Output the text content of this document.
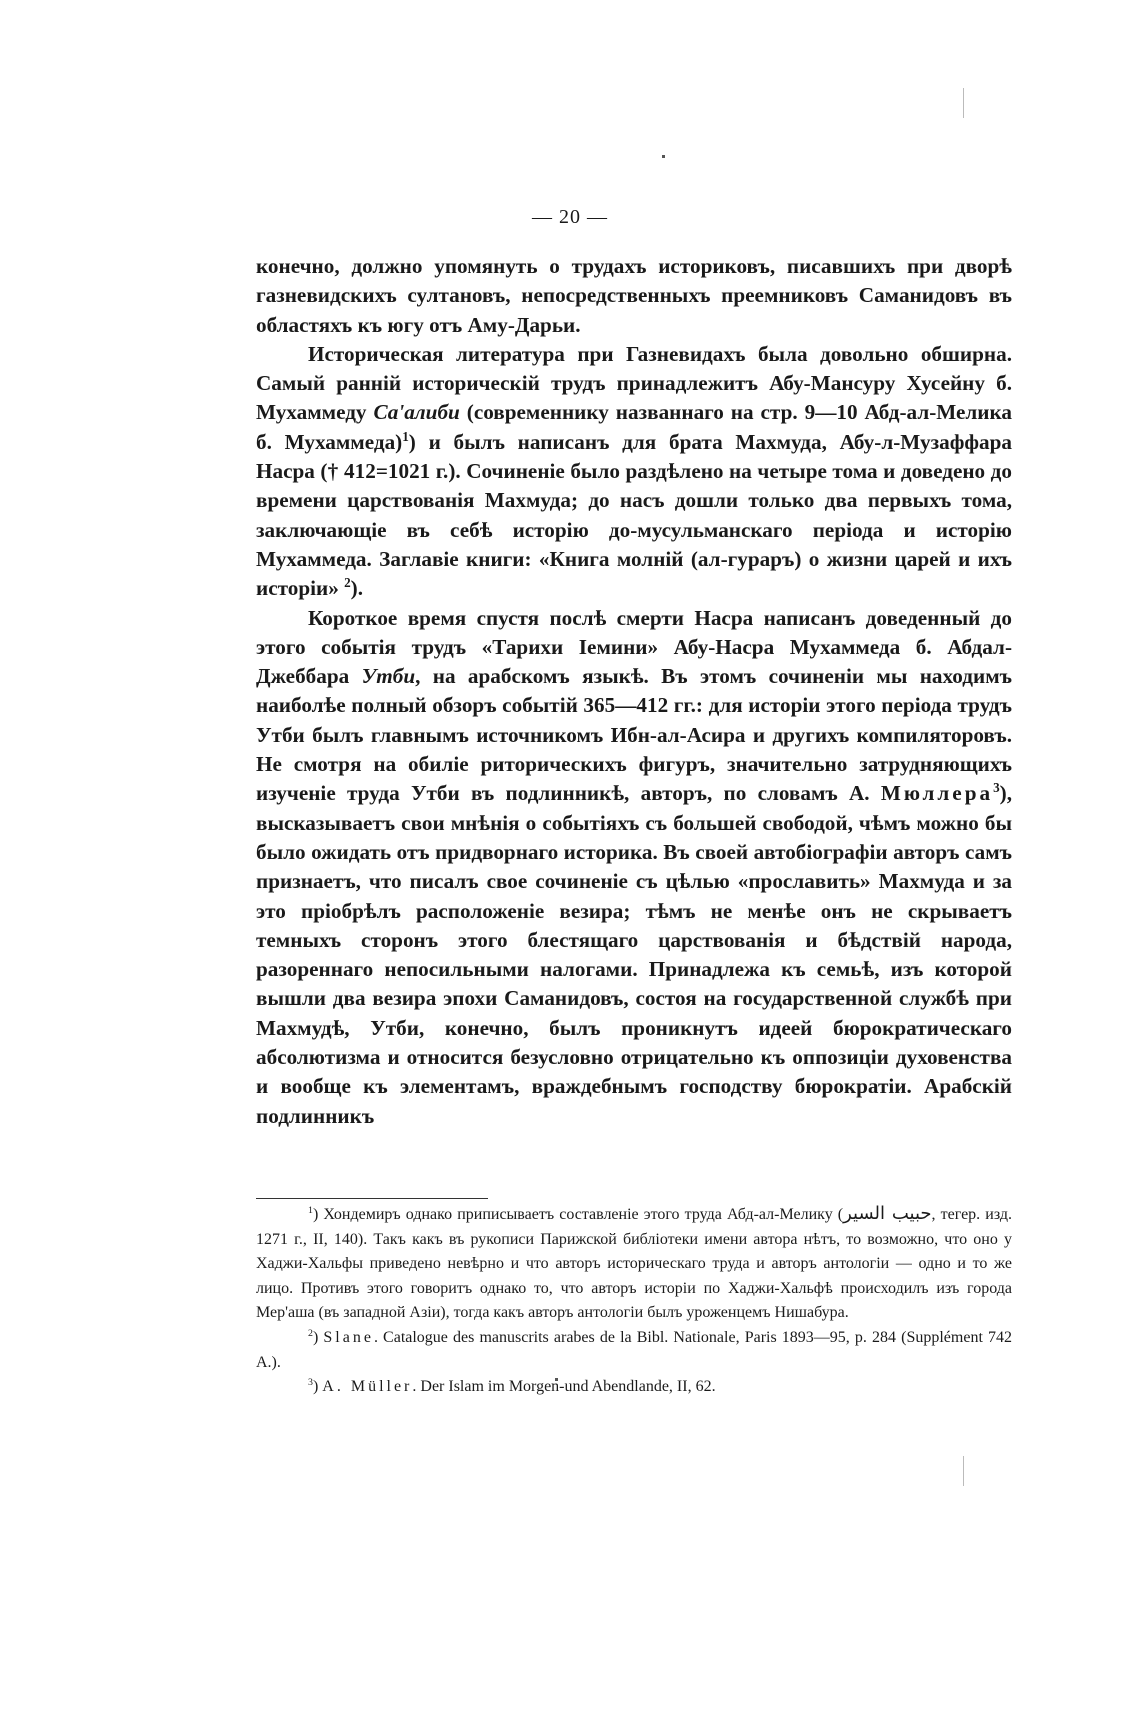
— 20 —

конечно, должно упомянуть о трудахъ историковъ, писавшихъ при дворѣ газневидскихъ султановъ, непосредственныхъ преемниковъ Саманидовъ въ областяхъ къ югу отъ Аму-Дарьи.

Историческая литература при Газневидахъ была довольно обширна. Самый раннiй историческiй трудъ принадлежитъ Абу-Мансуру Хусейну б. Мухаммеду Са'алиби (современнику названнаго на стр. 9—10 Абд-ал-Мелика б. Мухаммеда)$^1$) и былъ написанъ для брата Махмуда, Абу-л-Музаффара Насра († 412=1021 г.). Сочиненiе было раздѣлено на четыре тома и доведено до времени царствованiя Махмуда; до насъ дошли только два первыхъ тома, заключающiе въ себѣ исторiю до-мусульманскаго перiода и исторiю Мухаммеда. Заглавiе книги: «Книга молнiй (ал-гураръ) о жизни царей и ихъ исторiи» $^2$).

Короткое время спустя послѣ смерти Насра написанъ доведенный до этого событiя трудъ «Тарихи Iемини» Абу-Насра Мухаммеда б. Абдал-Джеббара Утби, на арабскомъ языкѣ. Въ этомъ сочиненiи мы находимъ наиболѣе полный обзоръ событiй 365—412 гг.: для исторiи этого перiода трудъ Утби былъ главнымъ источникомъ Ибн-ал-Асира и другихъ компиляторовъ. Не смотря на обилiе риторическихъ фигуръ, значительно затрудняющихъ изученiе труда Утби въ подлинникѣ, авторъ, по словамъ А. Мюллера$^3$), высказываетъ свои мнѣнiя о событiяхъ съ большей свободой, чѣмъ можно бы было ожидать отъ придворнаго историка. Въ своей автобiографiи авторъ самъ признаетъ, что писалъ свое сочиненiе съ цѣлью «прославить» Махмуда и за это прiобрѣлъ расположенiе везира; тѣмъ не менѣе онъ не скрываетъ темныхъ сторонъ этого блестящаго царствованiя и бѣдствiй народа, разореннаго непосильными налогами. Принадлежа къ семьѣ, изъ которой вышли два везира эпохи Саманидовъ, состоя на государственной службѣ при Махмудѣ, Утби, конечно, былъ проникнутъ идеей бюрократическаго абсолютизма и относится безусловно отрицательно къ оппозицiи духовенства и вообще къ элементамъ, враждебнымъ господству бюрократiи. Арабскiй подлинникъ

$^1$) Хондемиръ однако приписываетъ составленiе этого труда Абд-ал-Мелику (حبيب السير, тегер. изд. 1271 г., II, 140). Такъ какъ въ рукописи Парижской библiотеки имени автора нѣтъ, то возможно, что оно у Хаджи-Хальфы приведено невѣрно и что авторъ историческаго труда и авторъ антологiи — одно и то же лицо. Противъ этого говоритъ однако то, что авторъ исторiи по Хаджи-Хальфѣ происходилъ изъ города Мер'аша (въ западной Азiи), тогда какъ авторъ антологiи былъ уроженцемъ Нишабура.

$^2$) Slane. Catalogue des manuscrits arabes de la Bibl. Nationale, Paris 1893—95, p. 284 (Supplément 742 A.).

$^3$) A. Müller. Der Islam im Morgen-und Abendlande, II, 62.
